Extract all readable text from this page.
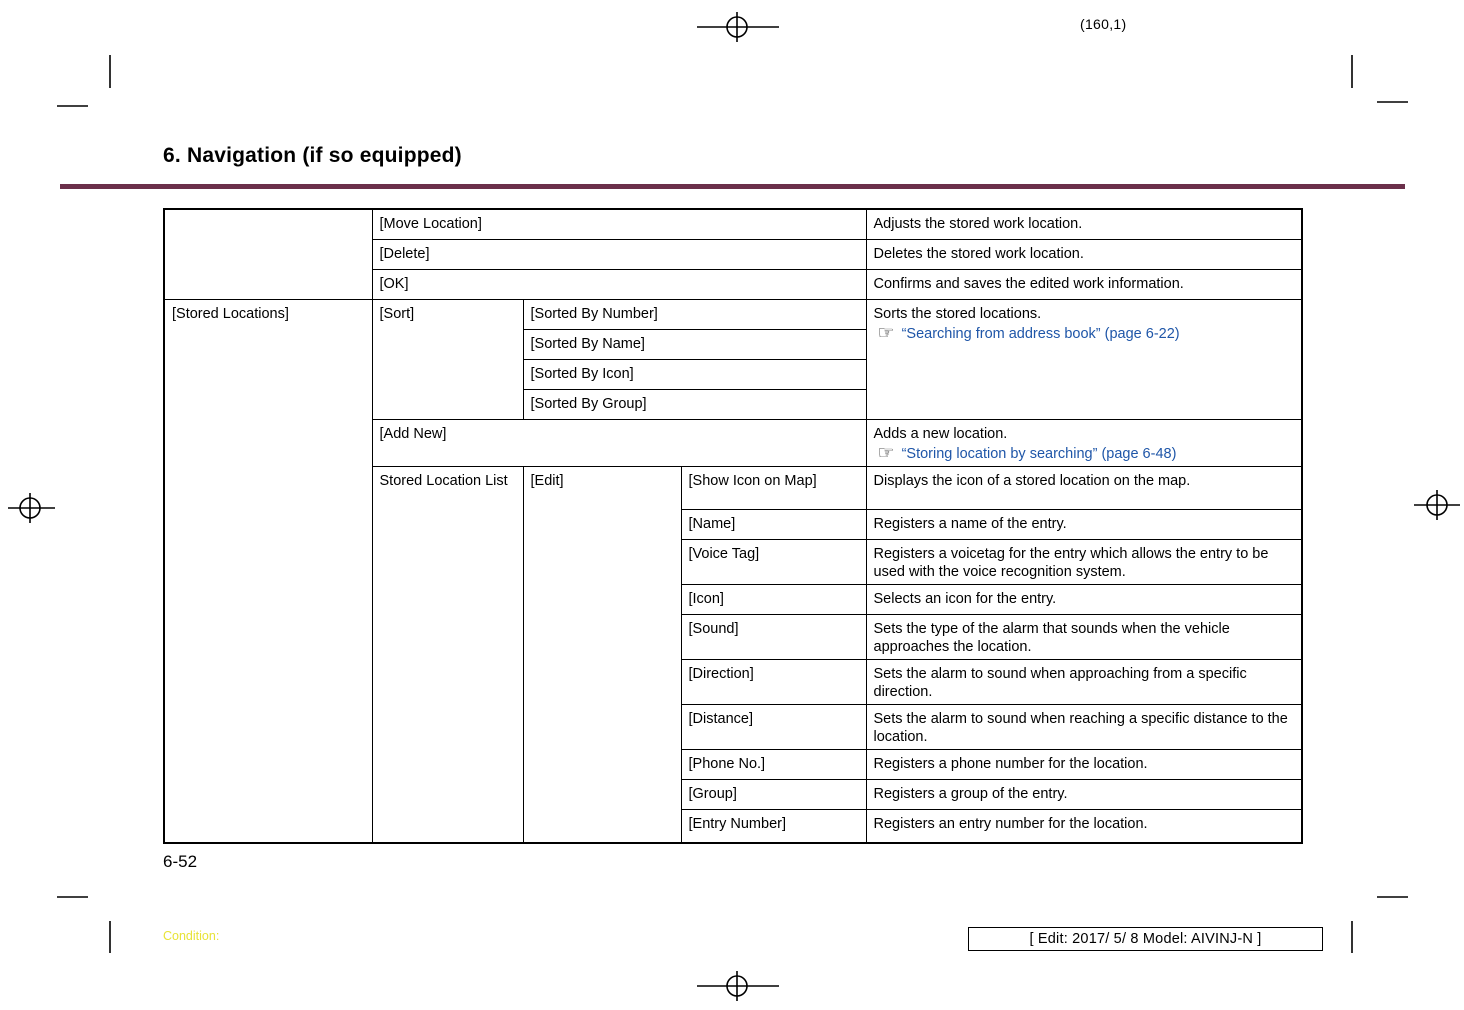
(160,1)
6. Navigation (if so equipped)
	[Move Location]			Adjusts the stored work location.
	[Delete]			Deletes the stored work location.
	[OK]			Confirms and saves the edited work information.
[Stored Locations]	[Sort]	[Sorted By Number]		Sorts the stored locations.
☞ “Searching from address book” (page 6-22)

		[Sorted By Name]		
		[Sorted By Icon]		
		[Sorted By Group]		
	[Add New]			Adds a new location.
☞ “Storing location by searching” (page 6-48)

	Stored Location List	[Edit]	[Show Icon on Map]	Displays the icon of a stored location on the map.
			[Name]	Registers a name of the entry.
			[Voice Tag]	Registers a voicetag for the entry which allows the entry to be used with the voice recognition system.
			[Icon]	Selects an icon for the entry.
			[Sound]	Sets the type of the alarm that sounds when the vehicle approaches the location.
			[Direction]	Sets the alarm to sound when approaching from a specific direction.
			[Distance]	Sets the alarm to sound when reaching a specific distance to the location.
			[Phone No.]	Registers a phone number for the location.
			[Group]	Registers a group of the entry.
			[Entry Number]	Registers an entry number for the location.
6-52
Condition:	[ Edit: 2017/ 5/ 8 Model: AIVINJ-N ]
